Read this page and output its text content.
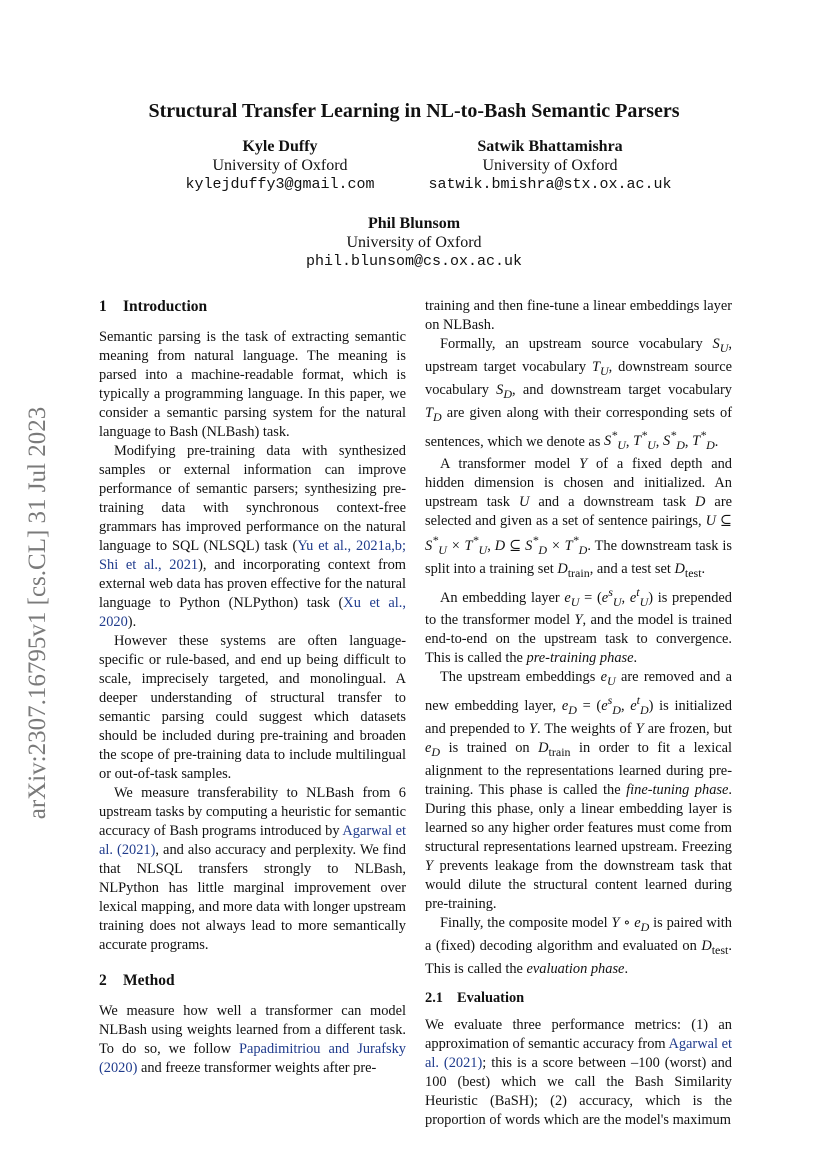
arXiv:2307.16795v1 [cs.CL] 31 Jul 2023
Structural Transfer Learning in NL-to-Bash Semantic Parsers
Kyle Duffy
University of Oxford
kylejduffy3@gmail.com
Satwik Bhattamishra
University of Oxford
satwik.bmishra@stx.ox.ac.uk
Phil Blunsom
University of Oxford
phil.blunsom@cs.ox.ac.uk
1 Introduction

Semantic parsing is the task of extracting semantic meaning from natural language. The meaning is parsed into a machine-readable format, which is typically a programming language. In this paper, we consider a semantic parsing system for the natural language to Bash (NLBash) task.

Modifying pre-training data with synthesized samples or external information can improve performance of semantic parsers; synthesizing pre-training data with synchronous context-free grammars has improved performance on the natural language to SQL (NLSQL) task (Yu et al., 2021a,b; Shi et al., 2021), and incorporating context from external web data has proven effective for the natural language to Python (NLPython) task (Xu et al., 2020).

However these systems are often language-specific or rule-based, and end up being difficult to scale, imprecisely targeted, and monolingual. A deeper understanding of structural transfer to semantic parsing could suggest which datasets should be included during pre-training and broaden the scope of pre-training data to include multilingual or out-of-task samples.

We measure transferability to NLBash from 6 upstream tasks by computing a heuristic for semantic accuracy of Bash programs introduced by Agarwal et al. (2021), and also accuracy and perplexity. We find that NLSQL transfers strongly to NLBash, NLPython has little marginal improvement over lexical mapping, and more data with longer upstream training does not always lead to more semantically accurate programs.

2 Method

We measure how well a transformer can model NLBash using weights learned from a different task. To do so, we follow Papadimitriou and Jurafsky (2020) and freeze transformer weights after pre-

training and then fine-tune a linear embeddings layer on NLBash.

Formally, an upstream source vocabulary $S_U$, upstream target vocabulary $T_U$, downstream source vocabulary $S_D$, and downstream target vocabulary $T_D$ are given along with their corresponding sets of sentences, which we denote as $S^*_U$, $T^*_U$, $S^*_D$, $T^*_D$.

A transformer model Y of a fixed depth and hidden dimension is chosen and initialized. An upstream task U and a downstream task D are selected and given as a set of sentence pairings, U ⊆ $S^*_U \times T^*_U$, D ⊆ $S^*_D \times T^*_D$. The downstream task is split into a training set $D_{train}$, and a test set $D_{test}$.

An embedding layer $e_U = (e^s_U$, $e^t_U$) is prepended to the transformer model Y, and the model is trained end-to-end on the upstream task to convergence. This is called the pre-training phase.

The upstream embeddings $e_U$ are removed and a new embedding layer, $e_D = (e^s_D$, $e^t_D$) is initialized and prepended to Y. The weights of Y are frozen, but $e_D$ is trained on $D_{train}$ in order to fit a lexical alignment to the representations learned during pre-training. This phase is called the fine-tuning phase. During this phase, only a linear embedding layer is learned so any higher order features must come from structural representations learned upstream. Freezing Y prevents leakage from the downstream task that would dilute the structural content learned during pre-training.

Finally, the composite model Y ∘ $e_D$ is paired with a (fixed) decoding algorithm and evaluated on $D_{test}$. This is called the evaluation phase.

2.1 Evaluation

We evaluate three performance metrics: (1) an approximation of semantic accuracy from Agarwal et al. (2021); this is a score between –100 (worst) and 100 (best) which we call the Bash Similarity Heuristic (BaSH); (2) accuracy, which is the proportion of words which are the model's maximum
